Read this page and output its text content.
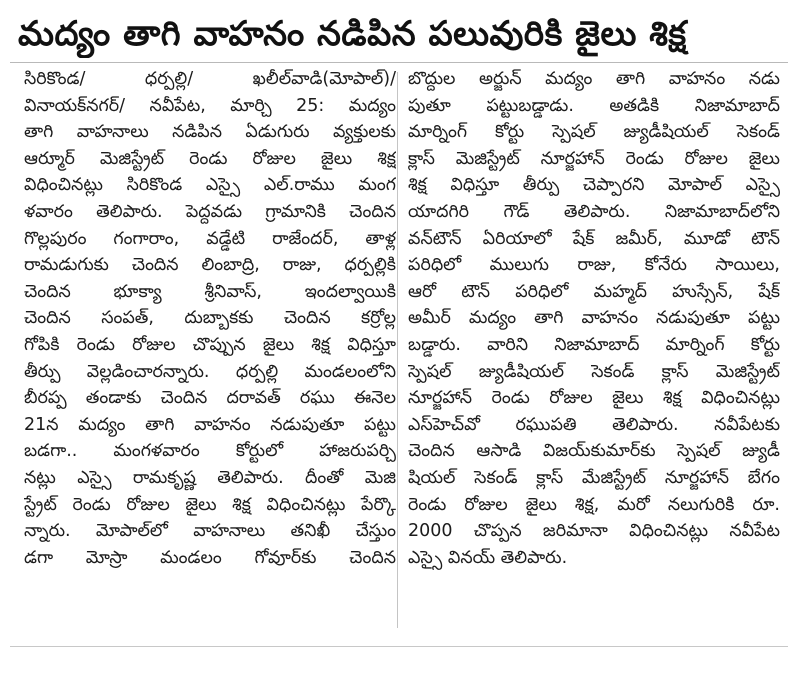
మద్యం తాగి వాహనం నడిపిన పలువురికి జైలు శిక్ష
సిరికొండ/ ధర్పల్లి/ ఖలీల్‌వాడి(మోపాల్)/
వినాయక్‌నగర్/ నవీపేట, మార్చి 25: మద్యం
తాగి వాహనాలు నడిపిన ఏడుగురు వ్యక్తులకు
ఆర్మూర్ మెజిస్ట్రేట్ రెండు రోజుల జైలు శిక్ష
విధించినట్లు సిరికొండ ఎస్సై ఎల్.రాము మంగ
ళవారం తెలిపారు. పెద్దవడు గ్రామానికి చెందిన
గొల్లపురం గంగారాం, వడ్డేటి రాజేందర్, తాళ్ల
రామడుగుకు చెందిన లింబాద్రి, రాజు, ధర్పల్లికి
చెందిన భూక్యా శ్రీనివాస్, ఇందల్వాయికి
చెందిన సంపత్, దుబ్బాకకు చెందిన కర్రోల్ల
గోపికి రెండు రోజుల చొప్పున జైలు శిక్ష విధిస్తూ
తీర్పు వెల్లడించారన్నారు. ధర్పల్లి మండలంలోని
బీరప్ప తండాకు చెందిన దరావత్ రఘు ఈనెల
21న మద్యం తాగి వాహనం నడుపుతూ పట్టు
బడగా.. మంగళవారం కోర్టులో హాజరుపర్చి
నట్లు ఎస్సై రామకృష్ణ తెలిపారు. దీంతో మెజి
స్ట్రేట్ రెండు రోజుల జైలు శిక్ష విధించినట్లు పేర్కొ
న్నారు. మోపాల్‌లో వాహనాలు తనిఖీ చేస్తుం
డగా మోస్రా మండలం గోవూర్‌కు చెందిన
బొద్దుల అర్జున్ మద్యం తాగి వాహనం నడు
పుతూ పట్టుబడ్డాడు. అతడికి నిజామాబాద్
మార్నింగ్ కోర్టు స్పెషల్ జ్యుడీషియల్ సెకండ్
క్లాస్ మెజిస్ట్రేట్ నూర్జహాన్ రెండు రోజుల జైలు
శిక్ష విధిస్తూ తీర్పు చెప్పారని మోపాల్ ఎస్సై
యాదగిరి గౌడ్ తెలిపారు. నిజామాబాద్‌లోని
వన్‌టౌన్ ఏరియాలో షేక్ జమీర్, మూడో టౌన్
పరిధిలో ములుగు రాజు, కోనేరు సాయిలు,
ఆరో టౌన్ పరిధిలో మహ్మద్ హుస్సేన్, షేక్
అమీర్ మద్యం తాగి వాహనం నడుపుతూ పట్టు
బడ్డారు. వారిని నిజామాబాద్ మార్నింగ్ కోర్టు
స్పెషల్ జ్యుడీషియల్ సెకండ్ క్లాస్ మెజిస్ట్రేట్
నూర్జహాన్ రెండు రోజుల జైలు శిక్ష విధించినట్లు
ఎస్‌హెచ్‌వో రఘుపతి తెలిపారు. నవీపేటకు
చెందిన ఆసాడి విజయ్‌కుమార్‌కు స్పెషల్ జ్యుడీ
షియల్ సెకండ్ క్లాస్ మేజిస్ట్రేట్ నూర్జహాన్ బేగం
రెండు రోజుల జైలు శిక్ష, మరో నలుగురికి రూ.
2000 చొప్పన జరిమానా విధించినట్లు నవీపేట
ఎస్సై వినయ్ తెలిపారు.
